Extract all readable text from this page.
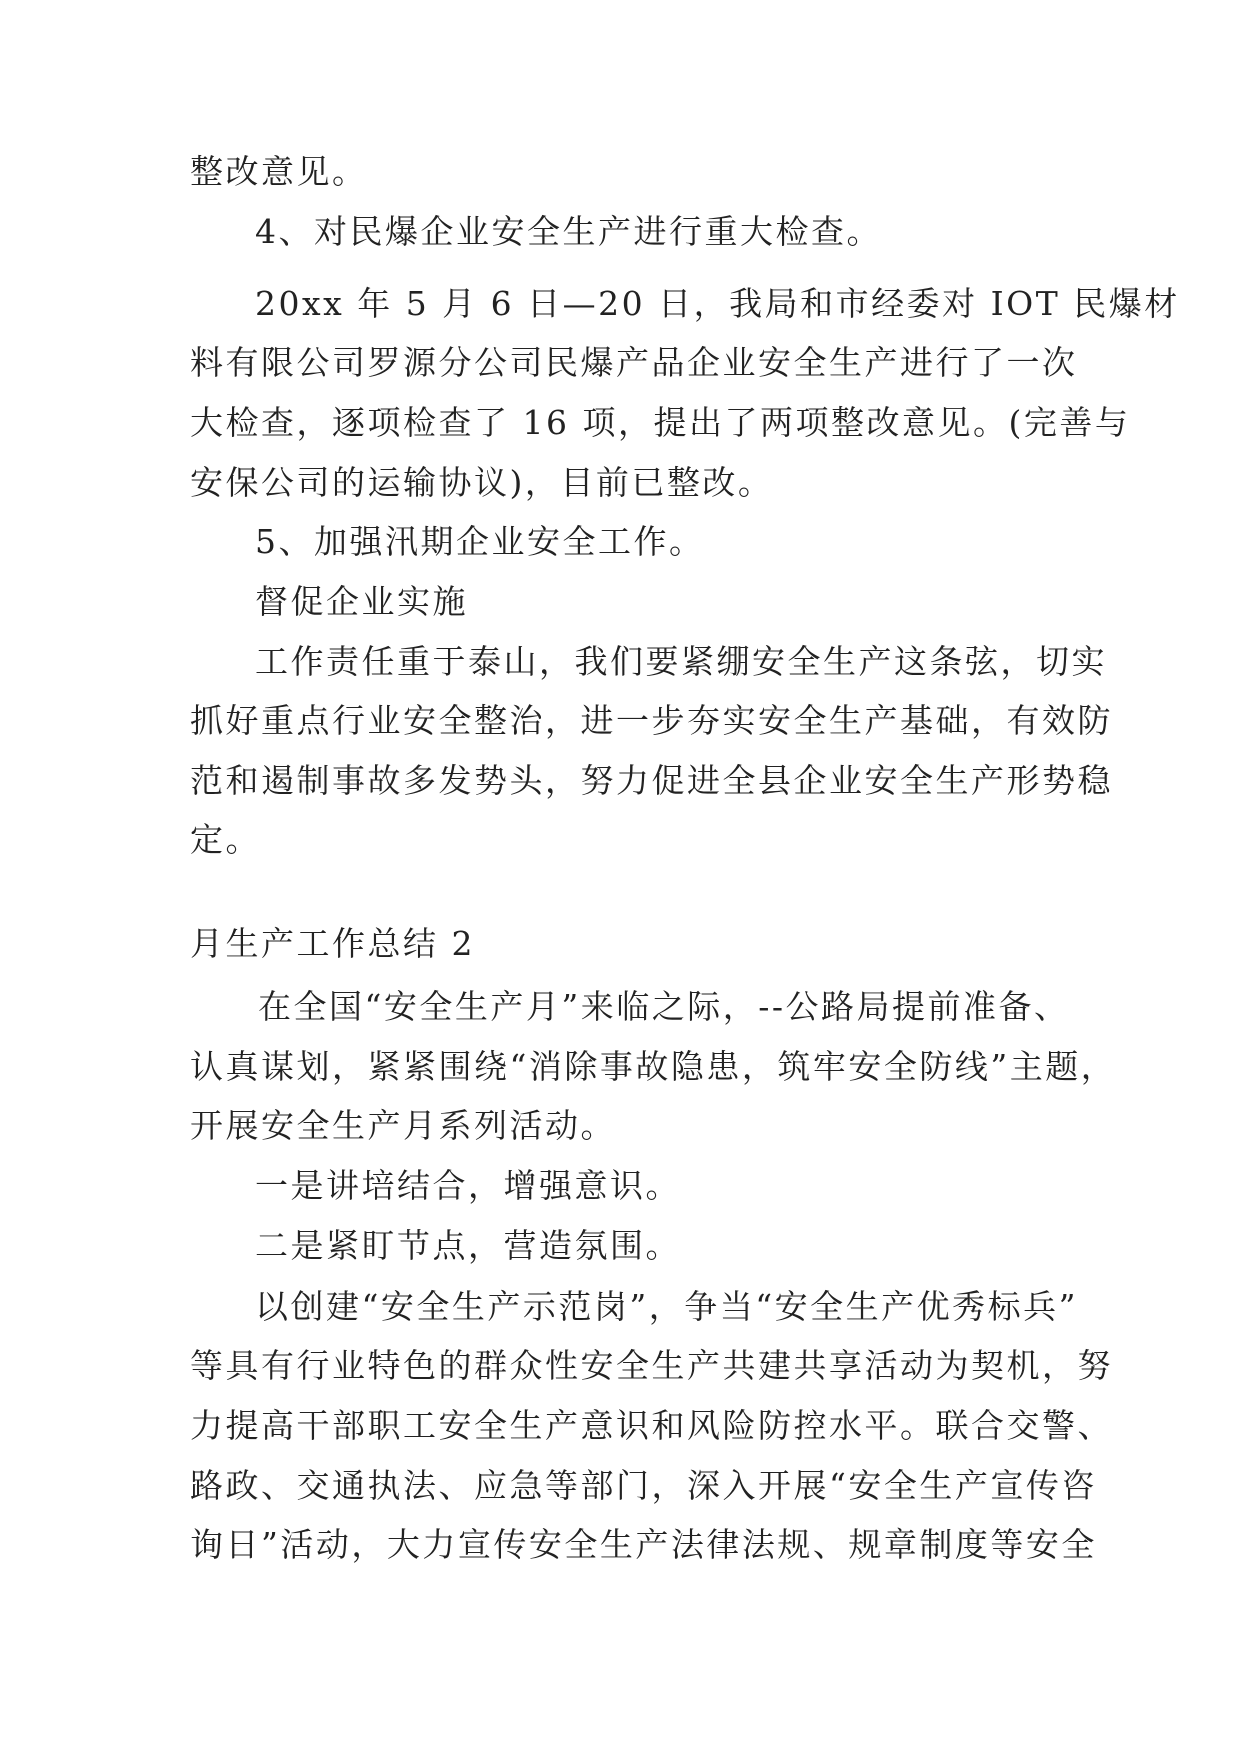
整改意见。
4、对民爆企业安全生产进行重大检查。
20xx 年 5 月 6 日—20 日，我局和市经委对 IOT 民爆材
料有限公司罗源分公司民爆产品企业安全生产进行了一次
大检查，逐项检查了 16 项，提出了两项整改意见。(完善与
安保公司的运输协议)，目前已整改。
5、加强汛期企业安全工作。
督促企业实施
工作责任重于泰山，我们要紧绷安全生产这条弦，切实
抓好重点行业安全整治，进一步夯实安全生产基础，有效防
范和遏制事故多发势头，努力促进全县企业安全生产形势稳
定。
月生产工作总结 2
在全国“安全生产月”来临之际，--公路局提前准备、
认真谋划，紧紧围绕“消除事故隐患，筑牢安全防线”主题，
开展安全生产月系列活动。
一是讲培结合，增强意识。
二是紧盯节点，营造氛围。
以创建“安全生产示范岗”，争当“安全生产优秀标兵”
等具有行业特色的群众性安全生产共建共享活动为契机，努
力提高干部职工安全生产意识和风险防控水平。联合交警、
路政、交通执法、应急等部门，深入开展“安全生产宣传咨
询日”活动，大力宣传安全生产法律法规、规章制度等安全
